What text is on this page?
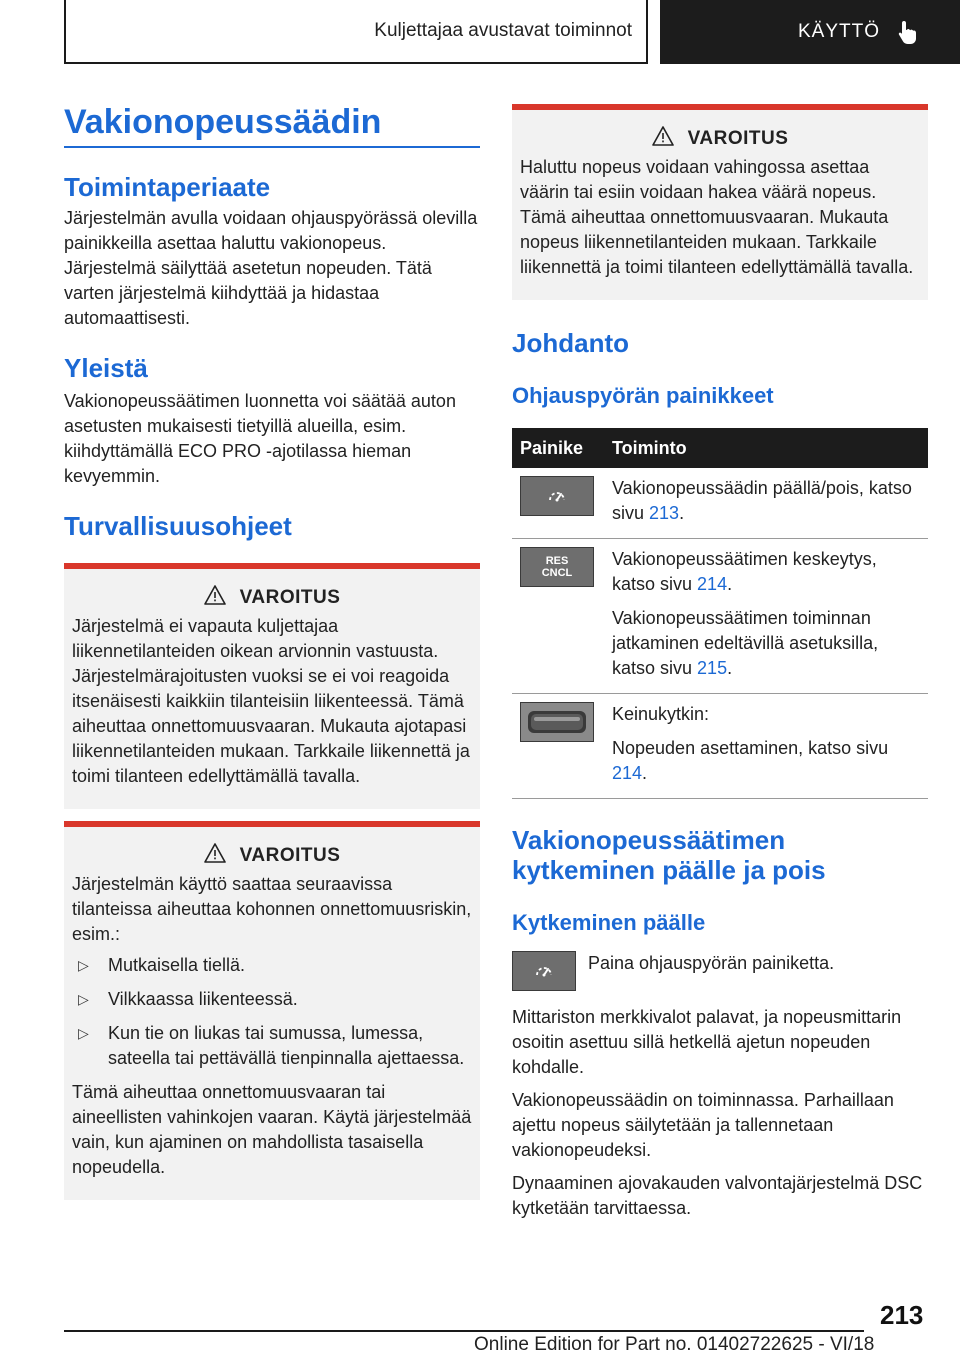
Kuljettajaa avustavat toiminnot	KÄYTTÖ
Vakionopeussäädin
Toimintaperiaate

Järjestelmän avulla voidaan ohjauspyörässä olevilla painikkeilla asettaa haluttu vakionopeus. Järjestelmä säilyttää asetetun nopeuden. Tätä varten järjestelmä kiihdyttää ja hidastaa automaattisesti.

Yleistä

Vakionopeussäätimen luonnetta voi säätää auton asetusten mukaisesti tietyillä alueilla, esim. kiihdyttämällä ECO PRO -ajotilassa hieman kevyemmin.

Turvallisuusohjeet
VAROITUS

Järjestelmä ei vapauta kuljettajaa liikennetilanteiden oikean arvionnin vastuusta. Järjestelmärajoitusten vuoksi se ei voi reagoida itsenäisesti kaikkiin tilanteisiin liikenteessä. Tämä aiheuttaa onnettomuusvaaran. Mukauta ajotapasi liikennetilanteiden mukaan. Tarkkaile liikennettä ja toimi tilanteen edellyttämällä tavalla.

VAROITUS

Järjestelmän käyttö saattaa seuraavissa tilanteissa aiheuttaa kohonnen onnettomuusriskin, esim.:

▷	Mutkaisella tiellä.
▷	Vilkkaassa liikenteessä.
▷	Kun tie on liukas tai sumussa, lumessa, sateella tai pettävällä tienpinnalla ajettaessa.

Tämä aiheuttaa onnettomuusvaaran tai aineellisten vahinkojen vaaran. Käytä järjestelmää vain, kun ajaminen on mahdollista tasaisella nopeudella.

VAROITUS

Haluttu nopeus voidaan vahingossa asettaa väärin tai esiin voidaan hakea väärä nopeus. Tämä aiheuttaa onnettomuusvaaran. Mukauta nopeus liikennetilanteiden mukaan. Tarkkaile liikennettä ja toimi tilanteen edellyttämällä tavalla.

Johdanto
Ohjauspyörän painikkeet
Painike	Toiminto

	Vakionopeussäädin päällä/pois, katso sivu 213.

RES CNCL	Vakionopeussäätimen keskeytys, katso sivu 214.
Vakionopeussäätimen toiminnan jatkaminen edeltävillä asetuksilla, katso sivu 215.

Keinukytkin:
Nopeuden asettaminen, katso sivu 214.
Vakionopeussäätimen kytkeminen päälle ja pois
Kytkeminen päälle

Paina ohjauspyörän painiketta.

Mittariston merkkivalot palavat, ja nopeusmittarin osoitin asettuu sillä hetkellä ajetun nopeuden kohdalle.

Vakionopeussäädin on toiminnassa. Parhaillaan ajettu nopeus säilytetään ja tallennetaan vakionopeudeksi.

Dynaaminen ajovakauden valvontajärjestelmä DSC kytketään tarvittaessa.

213
Online Edition for Part no. 01402722625 - VI/18
